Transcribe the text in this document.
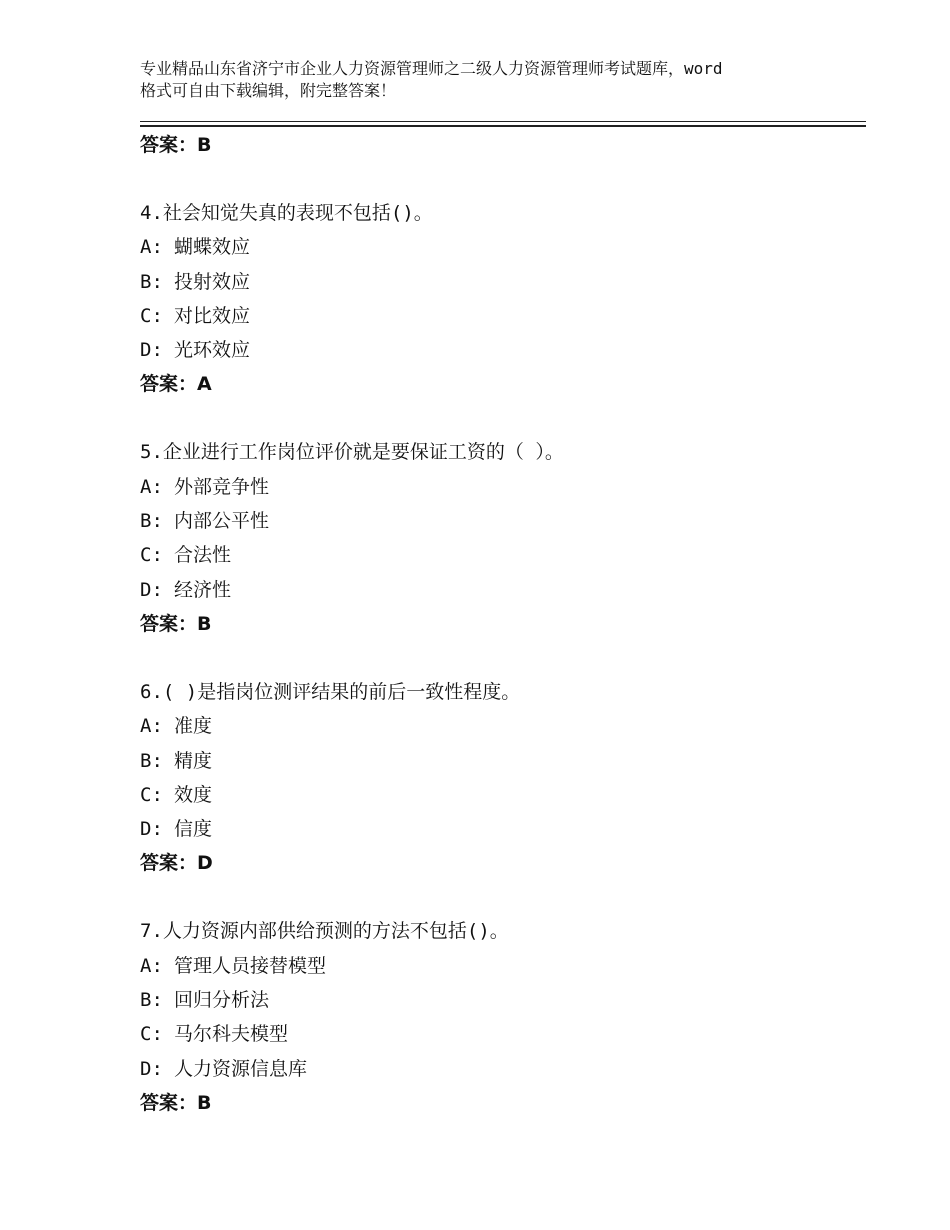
专业精品山东省济宁市企业人力资源管理师之二级人力资源管理师考试题库，word
格式可自由下载编辑，附完整答案！
答案：B
4.社会知觉失真的表现不包括()。
A: 蝴蝶效应
B: 投射效应
C: 对比效应
D: 光环效应
答案：A
5.企业进行工作岗位评价就是要保证工资的（ ）。
A: 外部竞争性
B: 内部公平性
C: 合法性
D: 经济性
答案：B
6.( )是指岗位测评结果的前后一致性程度。
A: 准度
B: 精度
C: 效度
D: 信度
答案：D
7.人力资源内部供给预测的方法不包括()。
A: 管理人员接替模型
B: 回归分析法
C: 马尔科夫模型
D: 人力资源信息库
答案：B
